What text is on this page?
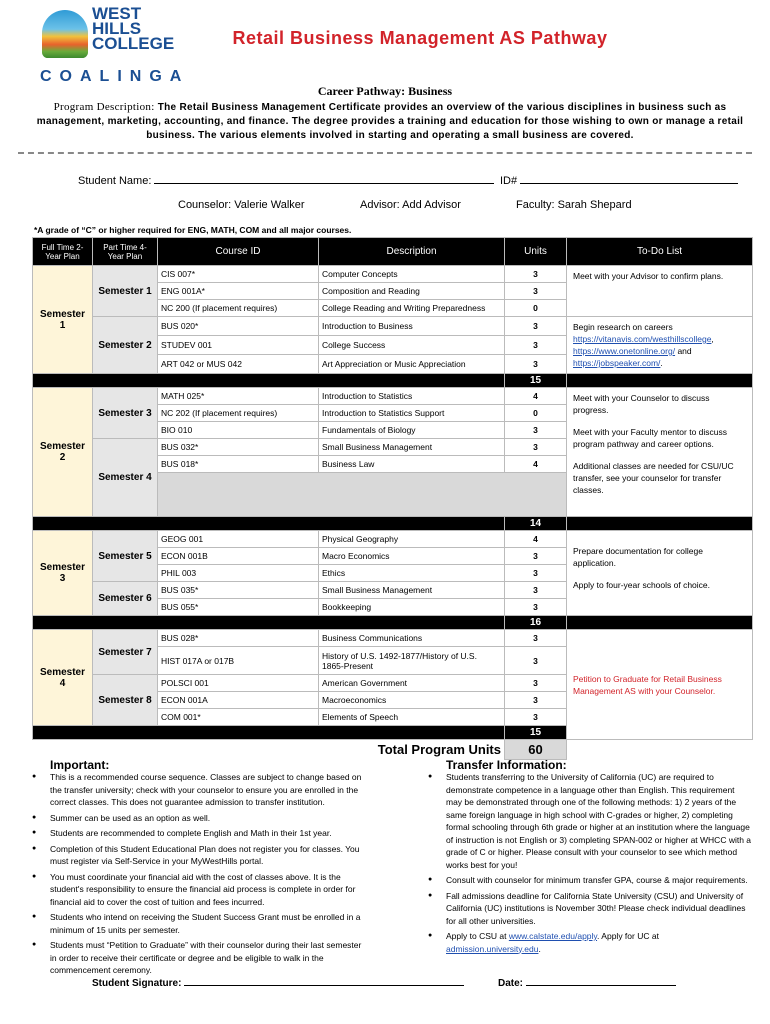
WEST
HILLS
COLLEGE
COALINGA
Retail Business Management AS Pathway
Career Pathway: Business
Program Description: The Retail Business Management Certificate provides an overview of the various disciplines in business such as management, marketing, accounting, and finance. The degree provides a training and education for those wishing to own or manage a retail business. The various elements involved in starting and operating a small business are covered.
Student Name:	ID#
Counselor: Valerie Walker	Advisor: Add Advisor	Faculty: Sarah Shepard
*A grade of “C” or higher required for ENG, MATH, COM and all major courses.
Full Time 2-Year Plan	Part Time 4-Year Plan	Course ID	Description	Units	To-Do List
Semester 1	Semester 1	CIS 007*	Computer Concepts	3	Meet with your Advisor to confirm plans.
		ENG 001A*	Composition and Reading	3	
		NC 200 (If placement requires)	College Reading and Writing Preparedness	0	
	Semester 2	BUS 020*	Introduction to Business	3	Begin research on careers
https://vitanavis.com/westhillscollege,
https://www.onetonline.org/ and
https://jobspeaker.com/.
		STUDEV 001	College Success	3	
		ART 042 or MUS 042	Art Appreciation or Music Appreciation	3	
				15	
Semester 2	Semester 3	MATH 025*	Introduction to Statistics	4	Meet with your Counselor to discuss progress.

Meet with your Faculty mentor to discuss program pathway and career options.

Additional classes are needed for CSU/UC transfer, see your counselor for transfer classes.

		NC 202 (If placement requires)	Introduction to Statistics Support	0	
		BIO 010	Fundamentals of Biology	3	
	Semester 4	BUS 032*	Small Business Management	3	
		BUS 018*	Business Law	4	

				14	
Semester 3	Semester 5	GEOG 001	Physical Geography	4	Prepare documentation for college application.

Apply to four-year schools of choice.

		ECON 001B	Macro Economics	3	
		PHIL 003	Ethics	3	
	Semester 6	BUS 035*	Small Business Management	3	
		BUS 055*	Bookkeeping	3	
				16	
Semester 4	Semester 7	BUS 028*	Business Communications	3	Petition to Graduate for Retail Business Management AS with your Counselor.
		HIST 017A or 017B	History of U.S. 1492-1877/History of U.S. 1865-Present	3	
	Semester 8	POLSCI 001	American Government	3	
		ECON 001A	Macroeconomics	3	
		COM 001*	Elements of Speech	3	
				15	
Total Program Units				60	
Important:	Transfer Information:
● This is a recommended course sequence. Classes are subject to change based on the transfer university; check with your counselor to ensure you are enrolled in the correct classes. This does not guarantee admission to transfer institution.
● Summer can be used as an option as well.
● Students are recommended to complete English and Math in their 1st year.
● Completion of this Student Educational Plan does not register you for classes. You must register via Self-Service in your MyWestHills portal.
● You must coordinate your financial aid with the cost of classes above. It is the student's responsibility to ensure the financial aid process is complete in order for financial aid to cover the cost of tuition and fees incurred.
● Students who intend on receiving the Student Success Grant must be enrolled in a minimum of 15 units per semester.
● Students must “Petition to Graduate” with their counselor during their last semester in order to receive their certificate or degree and be eligible to walk in the commencement ceremony.
● Students transferring to the University of California (UC) are required to demonstrate competence in a language other than English. This requirement may be demonstrated through one of the following methods: 1) 2 years of the same foreign language in high school with C-grades or higher, 2) completing formal schooling through 6th grade or higher at an institution where the language of instruction is not English or 3) completing SPAN-002 or higher at WHCC with a grade of C or higher. Please consult with your counselor to see which method works best for you!
● Consult with counselor for minimum transfer GPA, course & major requirements.
● Fall admissions deadline for California State University (CSU) and University of California (UC) institutions is November 30th! Please check individual deadlines for all other universities.
● Apply to CSU at www.calstate.edu/apply. Apply for UC at admission.university.edu.
Student Signature:	Date:
